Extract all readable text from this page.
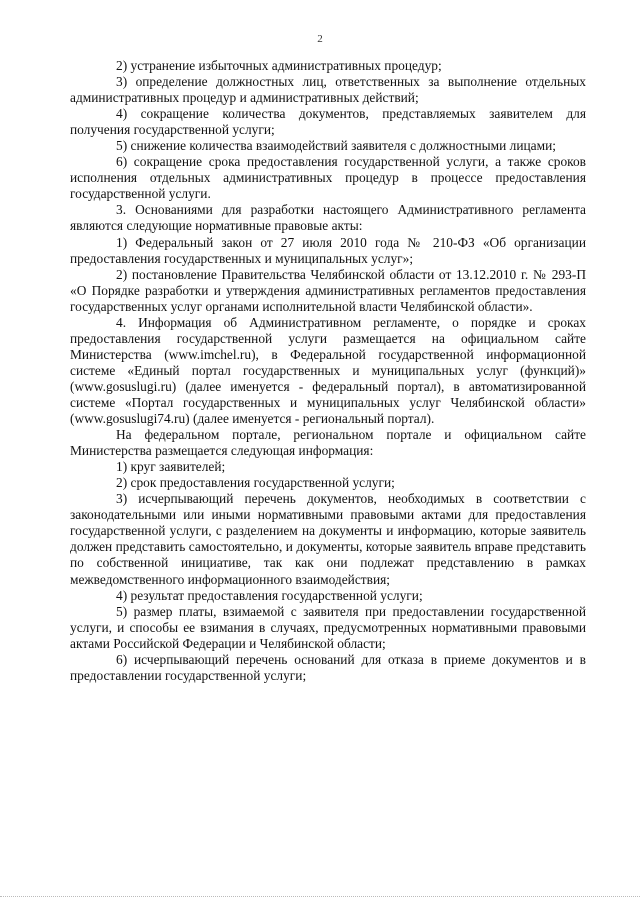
2

2) устранение избыточных административных процедур;

3) определение должностных лиц, ответственных за выполнение отдельных административных процедур и административных действий;

4) сокращение количества документов, представляемых заявителем для получения государственной услуги;

5) снижение количества взаимодействий заявителя с должностными лицами;

6) сокращение срока предоставления государственной услуги, а также сроков исполнения отдельных административных процедур в процессе предоставления государственной услуги.

3. Основаниями для разработки настоящего Административного регламента являются следующие нормативные правовые акты:

1) Федеральный закон от 27 июля 2010 года № 210-ФЗ «Об организации предоставления государственных и муниципальных услуг»;

2) постановление Правительства Челябинской области от 13.12.2010 г. № 293-П «О Порядке разработки и утверждения административных регламентов предоставления государственных услуг органами исполнительной власти Челябинской области».

4. Информация об Административном регламенте, о порядке и сроках предоставления государственной услуги размещается на официальном сайте Министерства (www.imchel.ru), в Федеральной государственной информационной системе «Единый портал государственных и муниципальных услуг (функций)» (www.gosuslugi.ru) (далее именуется - федеральный портал), в автоматизированной системе «Портал государственных и муниципальных услуг Челябинской области» (www.gosuslugi74.ru) (далее именуется - региональный портал).

На федеральном портале, региональном портале и официальном сайте Министерства размещается следующая информация:

1) круг заявителей;

2) срок предоставления государственной услуги;

3) исчерпывающий перечень документов, необходимых в соответствии с законодательными или иными нормативными правовыми актами для предоставления государственной услуги, с разделением на документы и информацию, которые заявитель должен представить самостоятельно, и документы, которые заявитель вправе представить по собственной инициативе, так как они подлежат представлению в рамках межведомственного информационного взаимодействия;

4) результат предоставления государственной услуги;

5) размер платы, взимаемой с заявителя при предоставлении государственной услуги, и способы ее взимания в случаях, предусмотренных нормативными правовыми актами Российской Федерации и Челябинской области;

6) исчерпывающий перечень оснований для отказа в приеме документов и в предоставлении государственной услуги;
